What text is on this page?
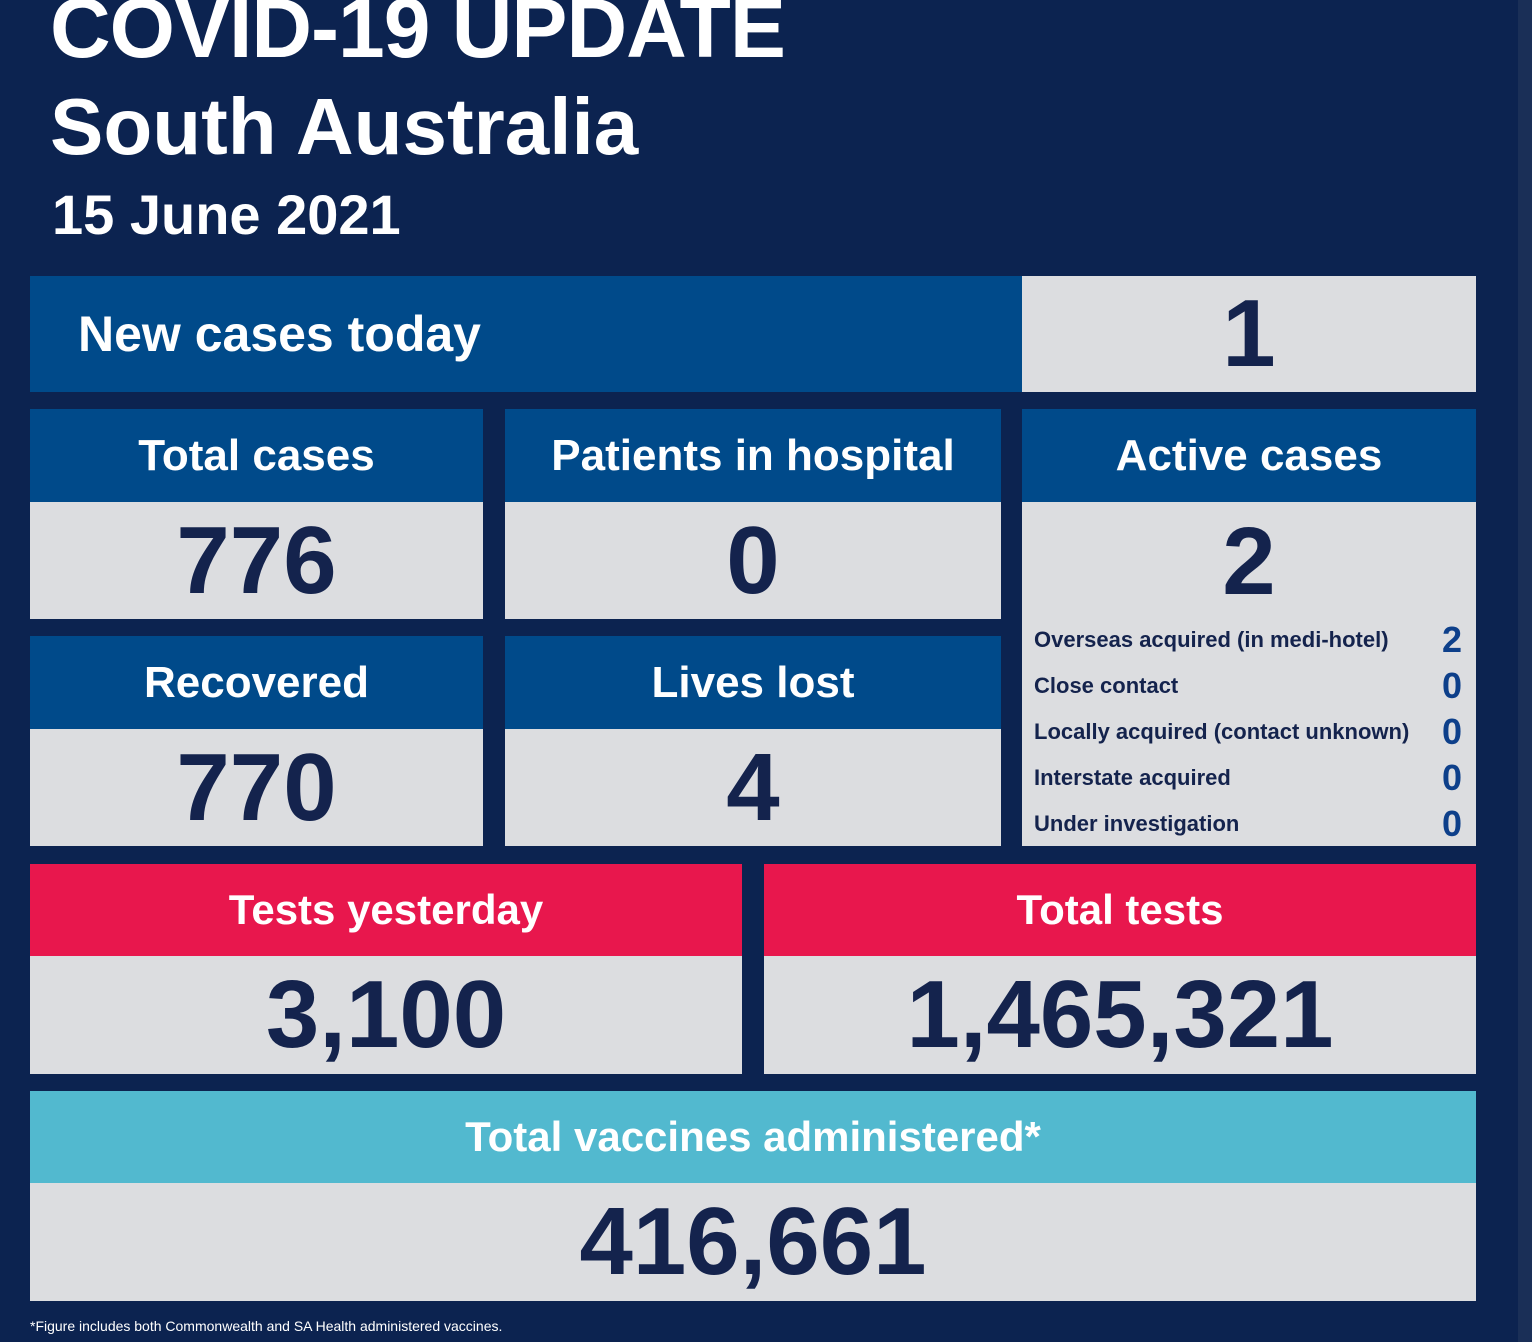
COVID-19 UPDATE
South Australia
15 June 2021
New cases today	1
Total cases
776
Patients in hospital
0
Recovered
770
Lives lost
4
Active cases
2
Overseas acquired (in medi-hotel) 2
Close contact	0
Locally acquired (contact unknown) 0
Interstate acquired	0
Under investigation	0
Tests yesterday
3,100
Total tests
1,465,321
Total vaccines administered*
416,661
*Figure includes both Commonwealth and SA Health administered vaccines.
